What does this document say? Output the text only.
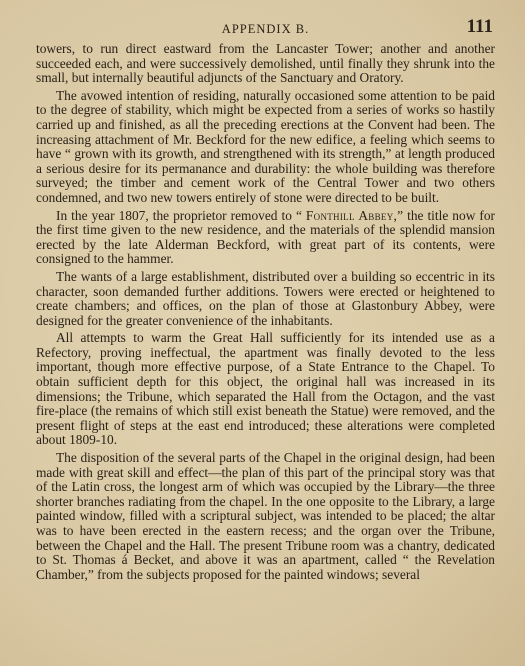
APPENDIX B.	111

towers, to run direct eastward from the Lancaster Tower; another and another succeeded each, and were successively demolished, until finally they shrunk into the small, but internally beautiful adjuncts of the Sanctuary and Oratory.

The avowed intention of residing, naturally occasioned some attention to be paid to the degree of stability, which might be expected from a series of works so hastily carried up and finished, as all the preceding erections at the Convent had been. The increasing attachment of Mr. Beckford for the new edifice, a feeling which seems to have “ grown with its growth, and strengthened with its strength,” at length produced a serious desire for its permanance and durability: the whole building was therefore surveyed; the timber and cement work of the Central Tower and two others condemned, and two new towers entirely of stone were directed to be built.

In the year 1807, the proprietor removed to “ Fonthill Abbey,” the title now for the first time given to the new residence, and the materials of the splendid mansion erected by the late Alderman Beckford, with great part of its contents, were consigned to the hammer.

The wants of a large establishment, distributed over a building so eccentric in its character, soon demanded further additions. Towers were erected or heightened to create chambers; and offices, on the plan of those at Glastonbury Abbey, were designed for the greater convenience of the inhabitants.

All attempts to warm the Great Hall sufficiently for its intended use as a Refectory, proving ineffectual, the apartment was finally devoted to the less important, though more effective purpose, of a State Entrance to the Chapel. To obtain sufficient depth for this object, the original hall was increased in its dimensions; the Tribune, which separated the Hall from the Octagon, and the vast fire-place (the remains of which still exist beneath the Statue) were removed, and the present flight of steps at the east end introduced; these alterations were completed about 1809-10.

The disposition of the several parts of the Chapel in the original design, had been made with great skill and effect—the plan of this part of the principal story was that of the Latin cross, the longest arm of which was occupied by the Library—the three shorter branches radiating from the chapel. In the one opposite to the Library, a large painted window, filled with a scriptural subject, was intended to be placed; the altar was to have been erected in the eastern recess; and the organ over the Tribune, between the Chapel and the Hall. The present Tribune room was a chantry, dedicated to St. Thomas á Becket, and above it was an apartment, called “ the Revelation Chamber,” from the subjects proposed for the painted windows; several
